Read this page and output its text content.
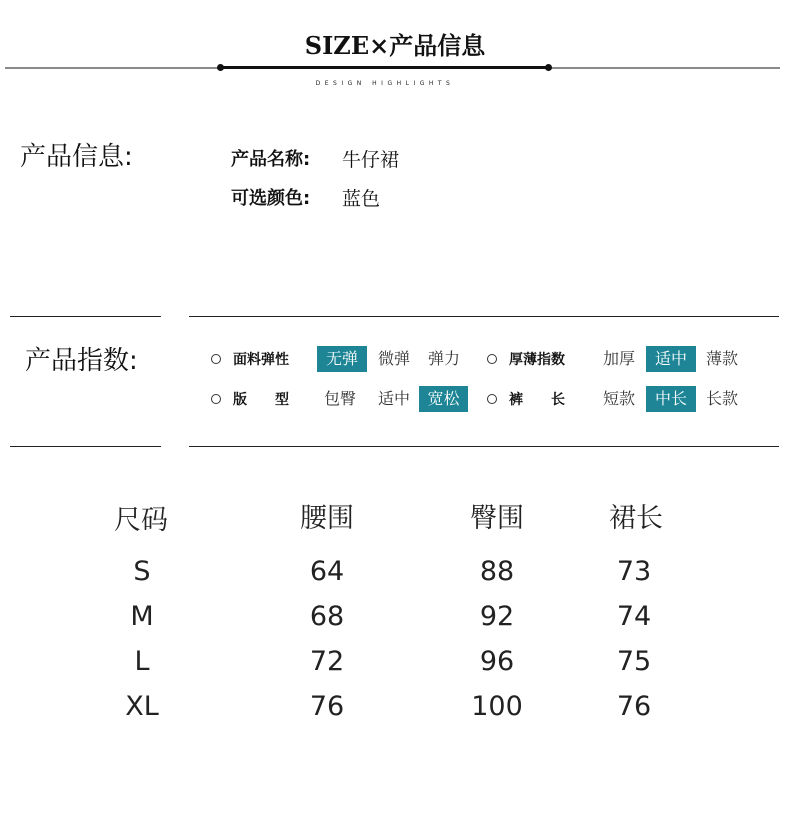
SIZE×产品信息
DESIGN HIGHLIGHTS
产品信息:	产品名称: 牛仔裙
可选颜色: 蓝色
产品指数:	面料弹性	无弹	微弹	弹力	厚薄指数	加厚	适中	薄款
版　　型	包臀	适中	宽松	裤　　长	短款	中长	长款
尺码	腰围	臀围	裙长
S	64	88	73
M	68	92	74
L	72	96	75
XL	76	100	76
